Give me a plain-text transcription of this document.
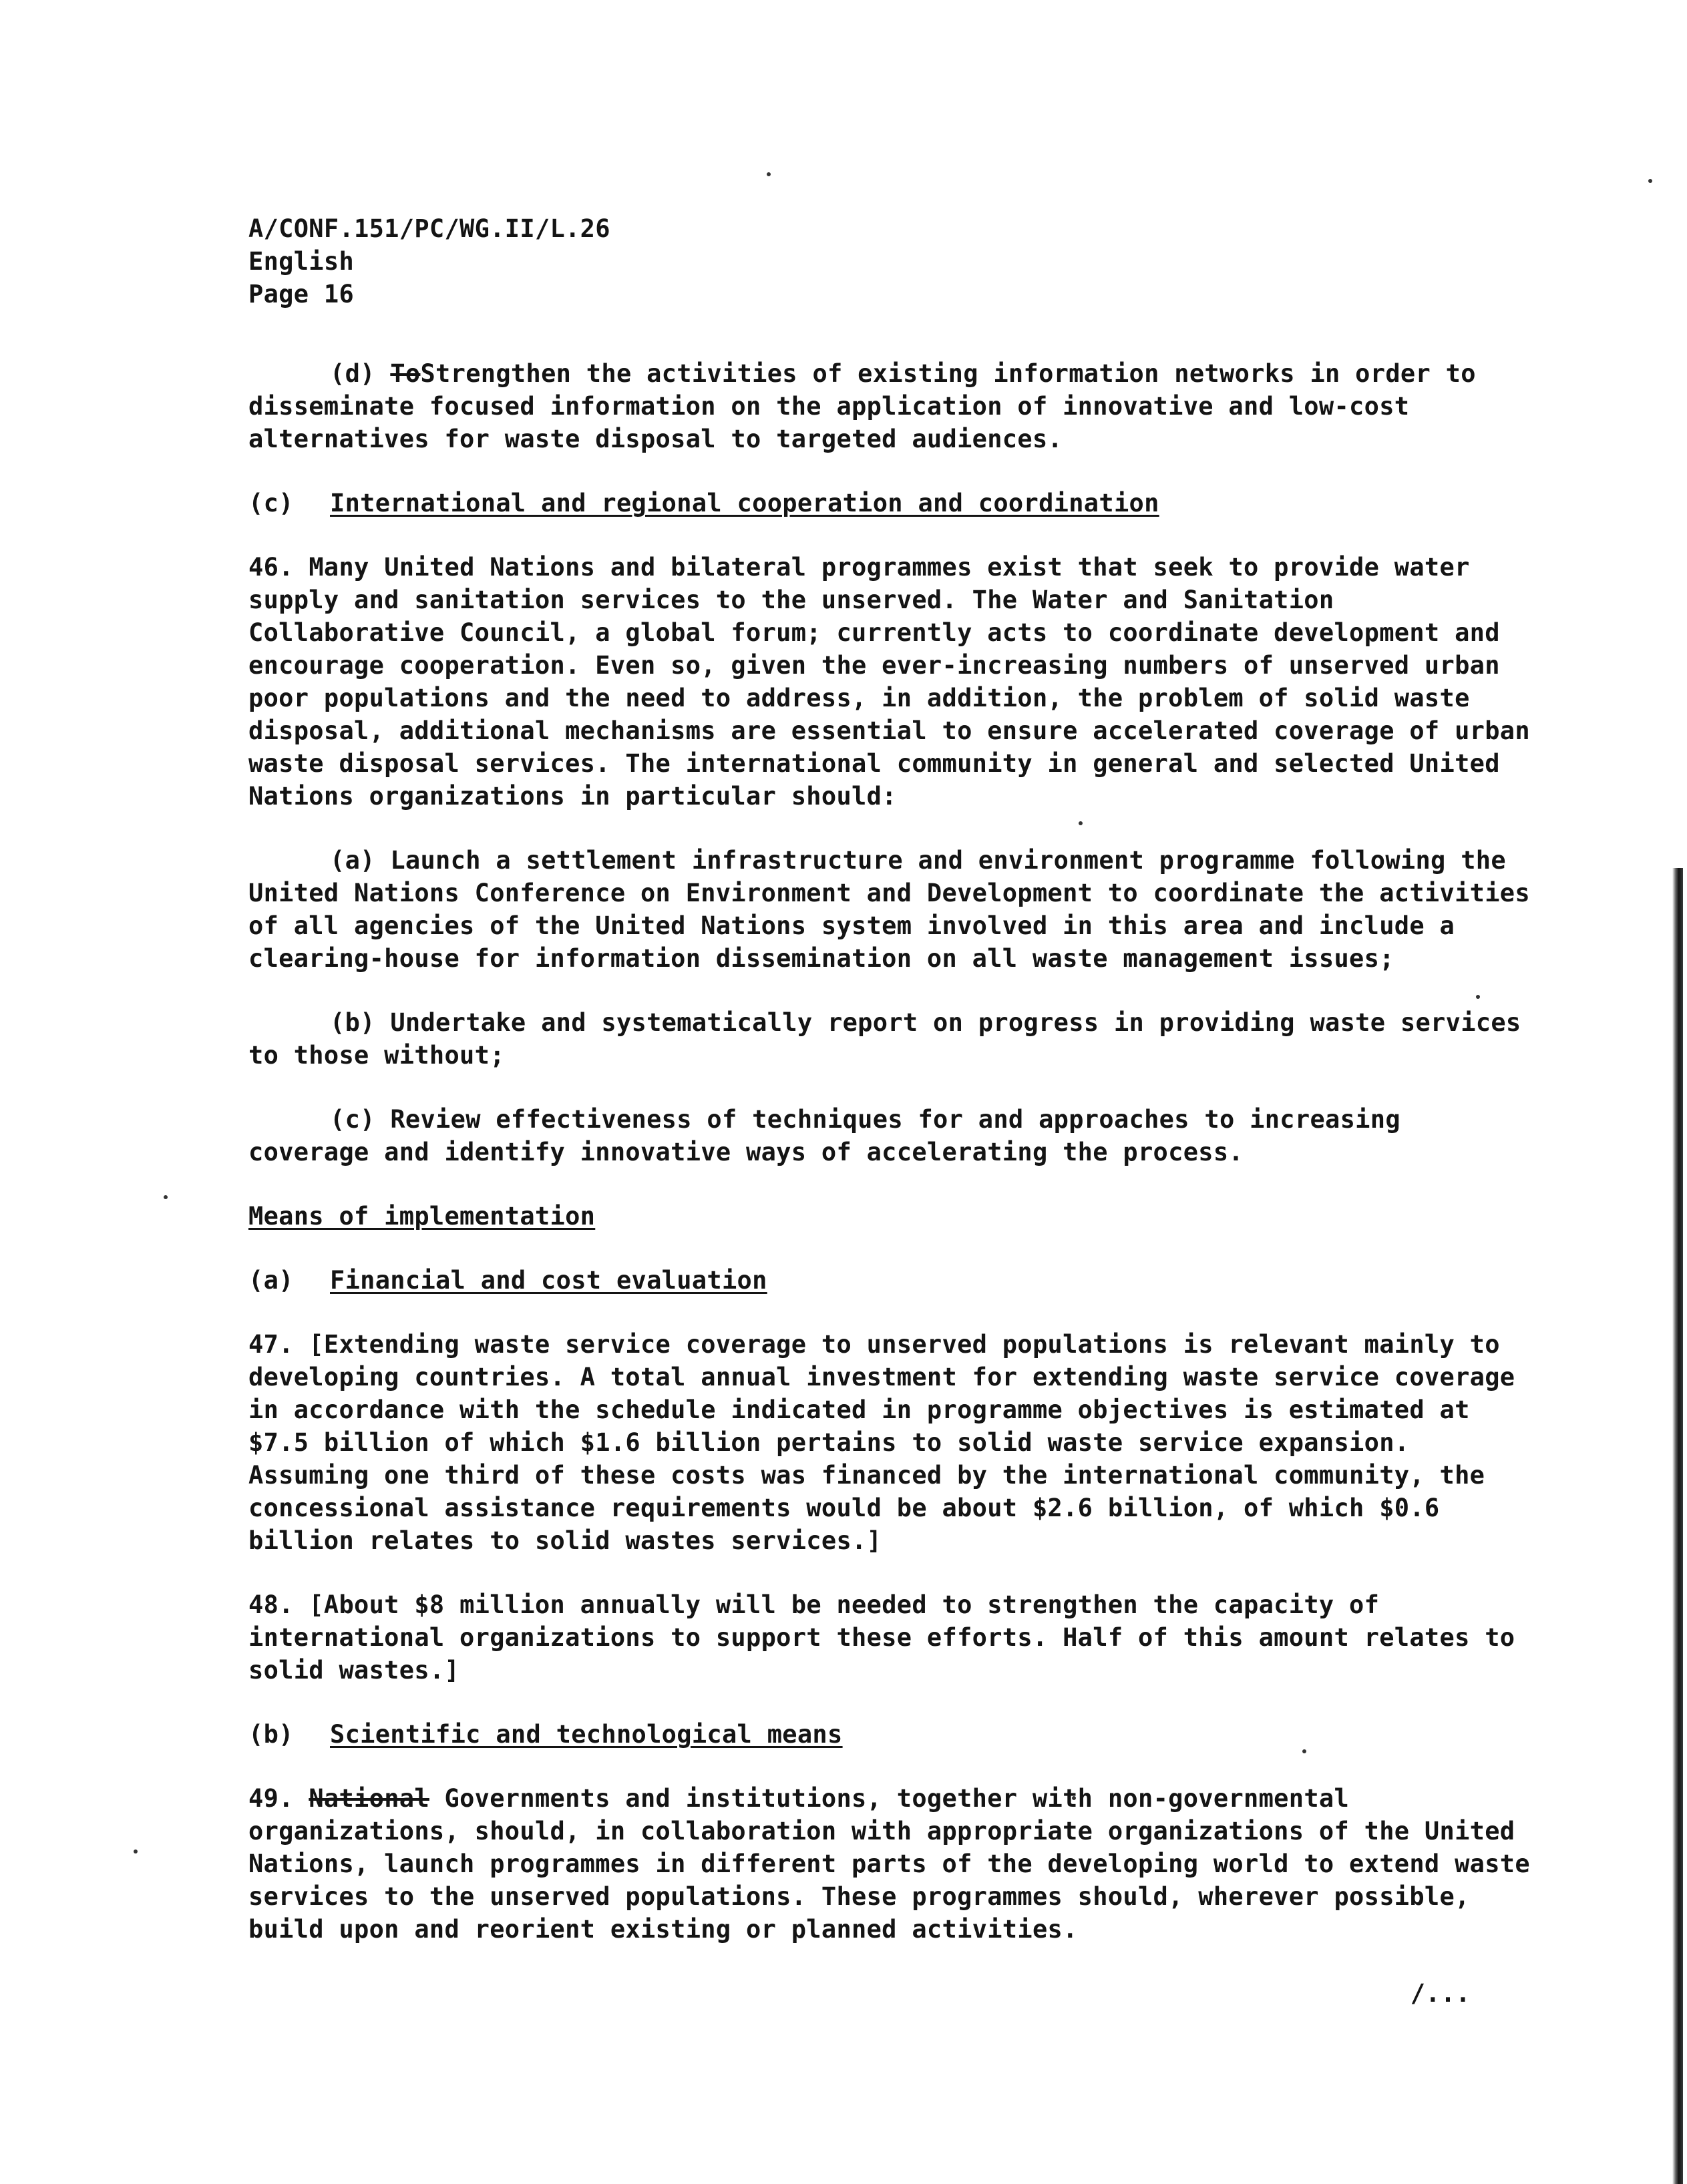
A/CONF.151/PC/WG.II/L.26
English
Page 16

(d) ToStrengthen the activities of existing information networks in order to disseminate focused information on the application of innovative and low-cost alternatives for waste disposal to targeted audiences.

(c) International and regional cooperation and coordination

46. Many United Nations and bilateral programmes exist that seek to provide water supply and sanitation services to the unserved. The Water and Sanitation Collaborative Council, a global forum; currently acts to coordinate development and encourage cooperation. Even so, given the ever-increasing numbers of unserved urban poor populations and the need to address, in addition, the problem of solid waste disposal, additional mechanisms are essential to ensure accelerated coverage of urban waste disposal services. The international community in general and selected United Nations organizations in particular should:

(a) Launch a settlement infrastructure and environment programme following the United Nations Conference on Environment and Development to coordinate the activities of all agencies of the United Nations system involved in this area and include a clearing-house for information dissemination on all waste management issues;

(b) Undertake and systematically report on progress in providing waste services to those without;

(c) Review effectiveness of techniques for and approaches to increasing coverage and identify innovative ways of accelerating the process.

Means of implementation

(a) Financial and cost evaluation

47. [Extending waste service coverage to unserved populations is relevant mainly to developing countries. A total annual investment for extending waste service coverage in accordance with the schedule indicated in programme objectives is estimated at $7.5 billion of which $1.6 billion pertains to solid waste service expansion. Assuming one third of these costs was financed by the international community, the concessional assistance requirements would be about $2.6 billion, of which $0.6 billion relates to solid wastes services.]

48. [About $8 million annually will be needed to strengthen the capacity of international organizations to support these efforts. Half of this amount relates to solid wastes.]

(b) Scientific and technological means

49. National Governments and institutions, together with non-governmental organizations, should, in collaboration with appropriate organizations of the United Nations, launch programmes in different parts of the developing world to extend waste services to the unserved populations. These programmes should, wherever possible, build upon and reorient existing or planned activities.

/...
